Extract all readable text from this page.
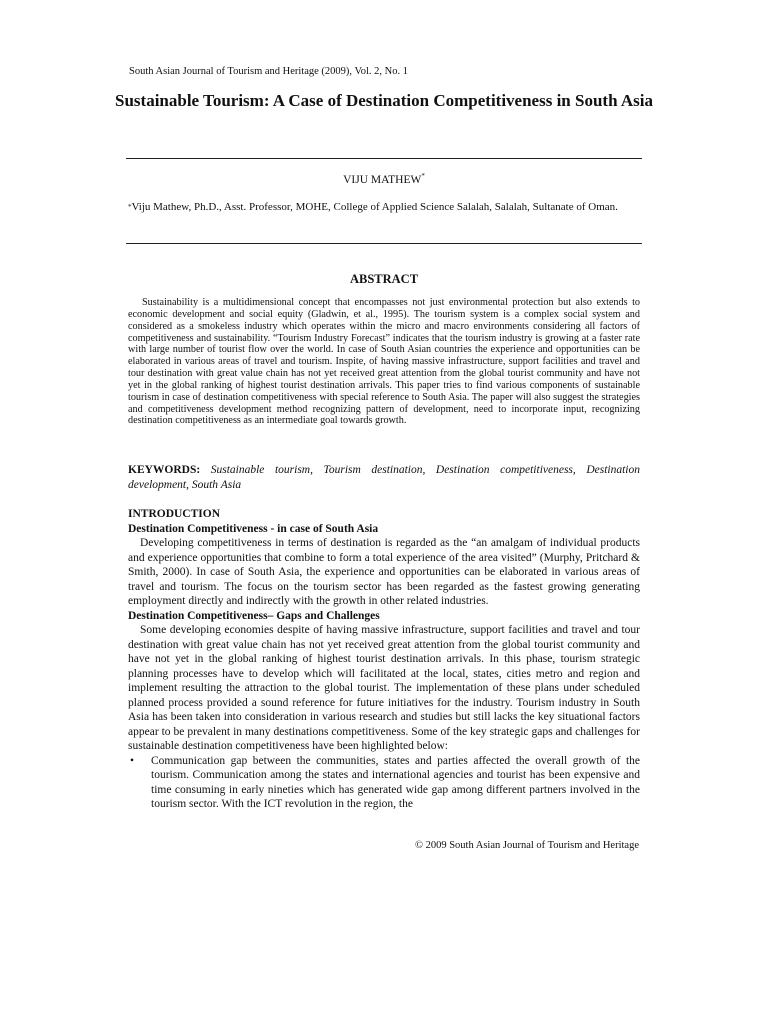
South Asian Journal of Tourism and Heritage (2009), Vol. 2, No. 1
Sustainable Tourism: A Case of Destination Competitiveness in South Asia
VIJU MATHEW*
*Viju Mathew, Ph.D., Asst. Professor, MOHE, College of Applied Science Salalah, Salalah, Sultanate of Oman.
ABSTRACT

Sustainability is a multidimensional concept that encompasses not just environmental protection but also extends to economic development and social equity (Gladwin, et al., 1995). The tourism system is a complex social system and considered as a smokeless industry which operates within the micro and macro environments considering all factors of competitiveness and sustainability. “Tourism Industry Forecast” indicates that the tourism industry is growing at a faster rate with large number of tourist flow over the world. In case of South Asian countries the experience and opportunities can be elaborated in various areas of travel and tourism. Inspite, of having massive infrastructure, support facilities and travel and tour destination with great value chain has not yet received great attention from the global tourist community and have not yet in the global ranking of highest tourist destination arrivals. This paper tries to find various components of sustainable tourism in case of destination competitiveness with special reference to South Asia. The paper will also suggest the strategies and competitiveness development method recognizing pattern of development, need to incorporate input, recognizing destination competitiveness as an intermediate goal towards growth.

KEYWORDS: Sustainable tourism, Tourism destination, Destination competitiveness, Destination development, South Asia
INTRODUCTION
Destination Competitiveness - in case of South Asia

Developing competitiveness in terms of destination is regarded as the “an amalgam of individual products and experience opportunities that combine to form a total experience of the area visited” (Murphy, Pritchard & Smith, 2000). In case of South Asia, the experience and opportunities can be elaborated in various areas of travel and tourism. The focus on the tourism sector has been regarded as the fastest growing generating employment directly and indirectly with the growth in other related industries.

Destination Competitiveness– Gaps and Challenges

Some developing economies despite of having massive infrastructure, support facilities and travel and tour destination with great value chain has not yet received great attention from the global tourist community and have not yet in the global ranking of highest tourist destination arrivals. In this phase, tourism strategic planning processes have to develop which will facilitated at the local, states, cities metro and region and implement resulting the attraction to the global tourist. The implementation of these plans under scheduled planned process provided a sound reference for future initiatives for the industry. Tourism industry in South Asia has been taken into consideration in various research and studies but still lacks the key situational factors appear to be prevalent in many destinations competitiveness. Some of the key strategic gaps and challenges for sustainable destination competitiveness have been highlighted below:

• Communication gap between the communities, states and parties affected the overall growth of the tourism. Communication among the states and international agencies and tourist has been expensive and time consuming in early nineties which has generated wide gap among different partners involved in the tourism sector. With the ICT revolution in the region, the
© 2009 South Asian Journal of Tourism and Heritage
